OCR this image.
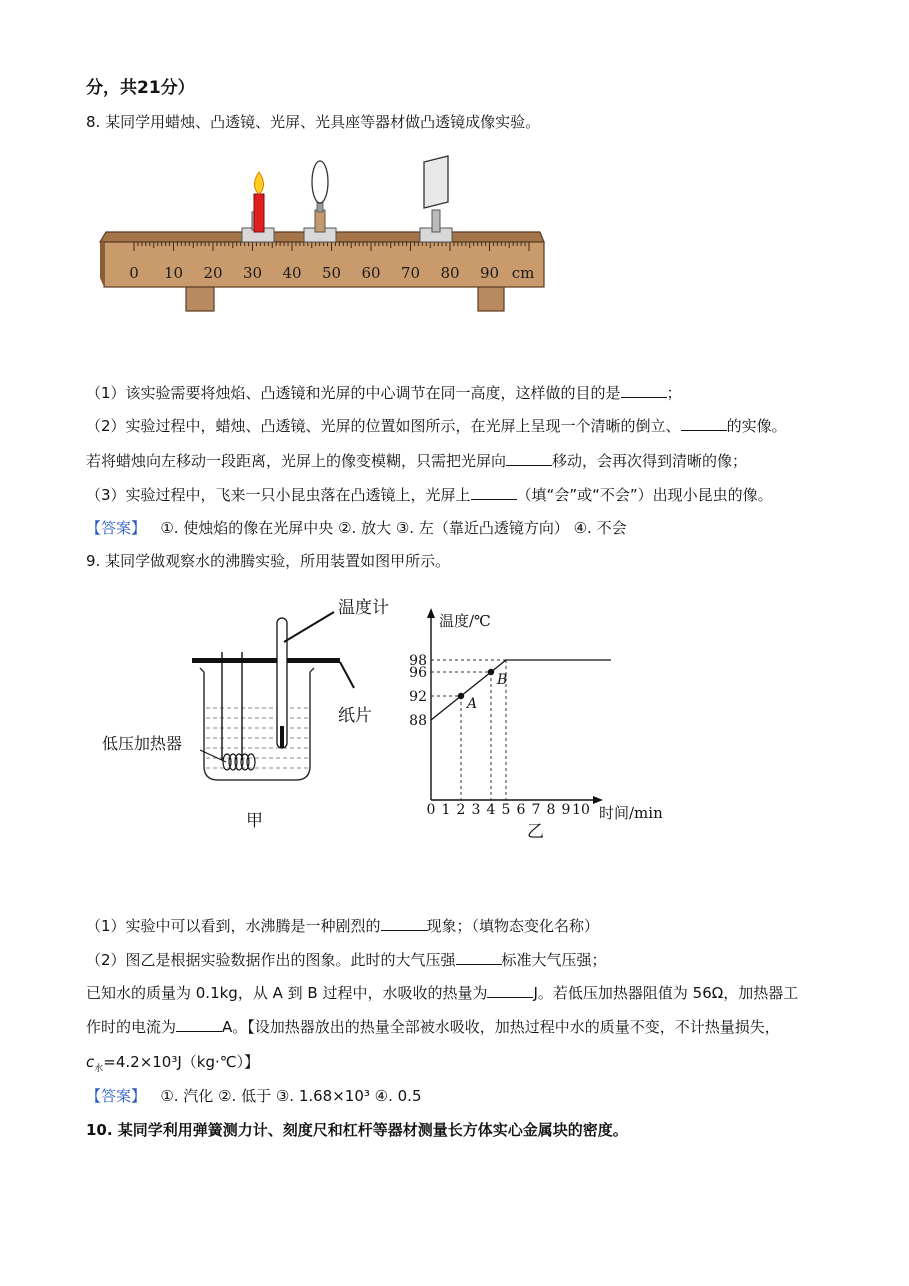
分，共21分）
8. 某同学用蜡烛、凸透镜、光屏、光具座等器材做凸透镜成像实验。
0 10 20 30 40 50 60 70 80 90 cm
（1）该实验需要将烛焰、凸透镜和光屏的中心调节在同一高度，这样做的目的是	；
（2）实验过程中，蜡烛、凸透镜、光屏的位置如图所示，在光屏上呈现一个清晰的倒立、	的实像。
若将蜡烛向左移动一段距离，光屏上的像变模糊，只需把光屏向	移动，会再次得到清晰的像；
（3）实验过程中，飞来一只小昆虫落在凸透镜上，光屏上	（填“会”或“不会”）出现小昆虫的像。
【答案】 ①. 使烛焰的像在光屏中央 ②. 放大 ③. 左（靠近凸透镜方向） ④. 不会
9. 某同学做观察水的沸腾实验，所用装置如图甲所示。
温度计
纸片
低压加热器
甲
温度/℃
时间/min
0 1 2 3 4 5 6 7 8 9 10
88
92
96
98
A
B
乙
（1）实验中可以看到，水沸腾是一种剧烈的	现象；（填物态变化名称）
（2）图乙是根据实验数据作出的图象。此时的大气压强	标准大气压强；
已知水的质量为 0.1kg，从 A 到 B 过程中，水吸收的热量为	J。若低压加热器阻值为 56Ω，加热器工
作时的电流为	A。【设加热器放出的热量全部被水吸收，加热过程中水的质量不变，不计热量损失，
$c_水=4.2\times 10^3J(kg\cdot℃)$】
【答案】 ①. 汽化 ②. 低于 ③. 1.68×10³ ④. 0.5
10. 某同学利用弹簧测力计、刻度尺和杠杆等器材测量长方体实心金属块的密度。
